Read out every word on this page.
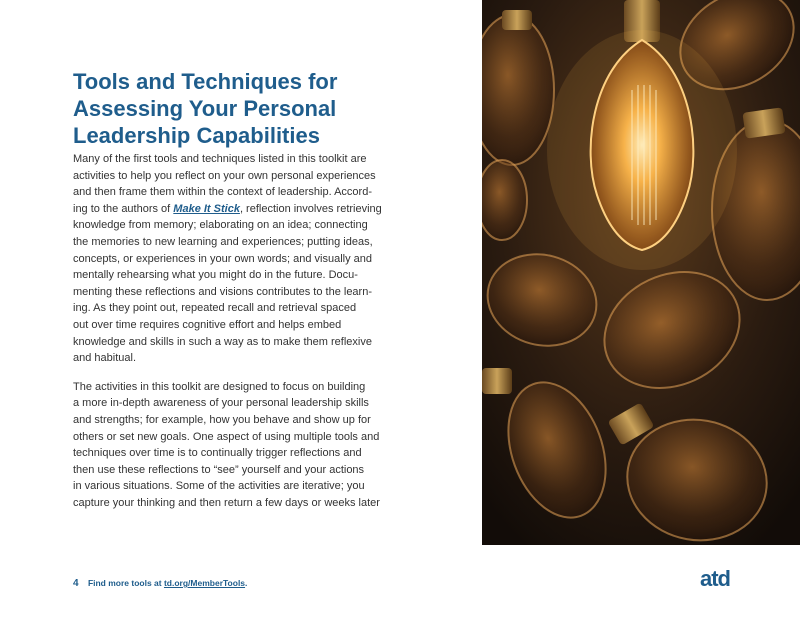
Tools and Techniques for
Assessing Your Personal
Leadership Capabilities

Many of the first tools and techniques listed in this toolkit are
activities to help you reflect on your own personal experiences
and then frame them within the context of leadership. Accord-
ing to the authors of Make It Stick, reflection involves retrieving
knowledge from memory; elaborating on an idea; connecting
the memories to new learning and experiences; putting ideas,
concepts, or experiences in your own words; and visually and
mentally rehearsing what you might do in the future. Docu-
menting these reflections and visions contributes to the learn-
ing. As they point out, repeated recall and retrieval spaced
out over time requires cognitive effort and helps embed
knowledge and skills in such a way as to make them reflexive
and habitual.

The activities in this toolkit are designed to focus on building
a more in-depth awareness of your personal leadership skills
and strengths; for example, how you behave and show up for
others or set new goals. One aspect of using multiple tools and
techniques over time is to continually trigger reflections and
then use these reflections to “see” yourself and your actions
in various situations. Some of the activities are iterative; you
capture your thinking and then return a few days or weeks later

4 Find more tools at td.org/MemberTools.	atd
